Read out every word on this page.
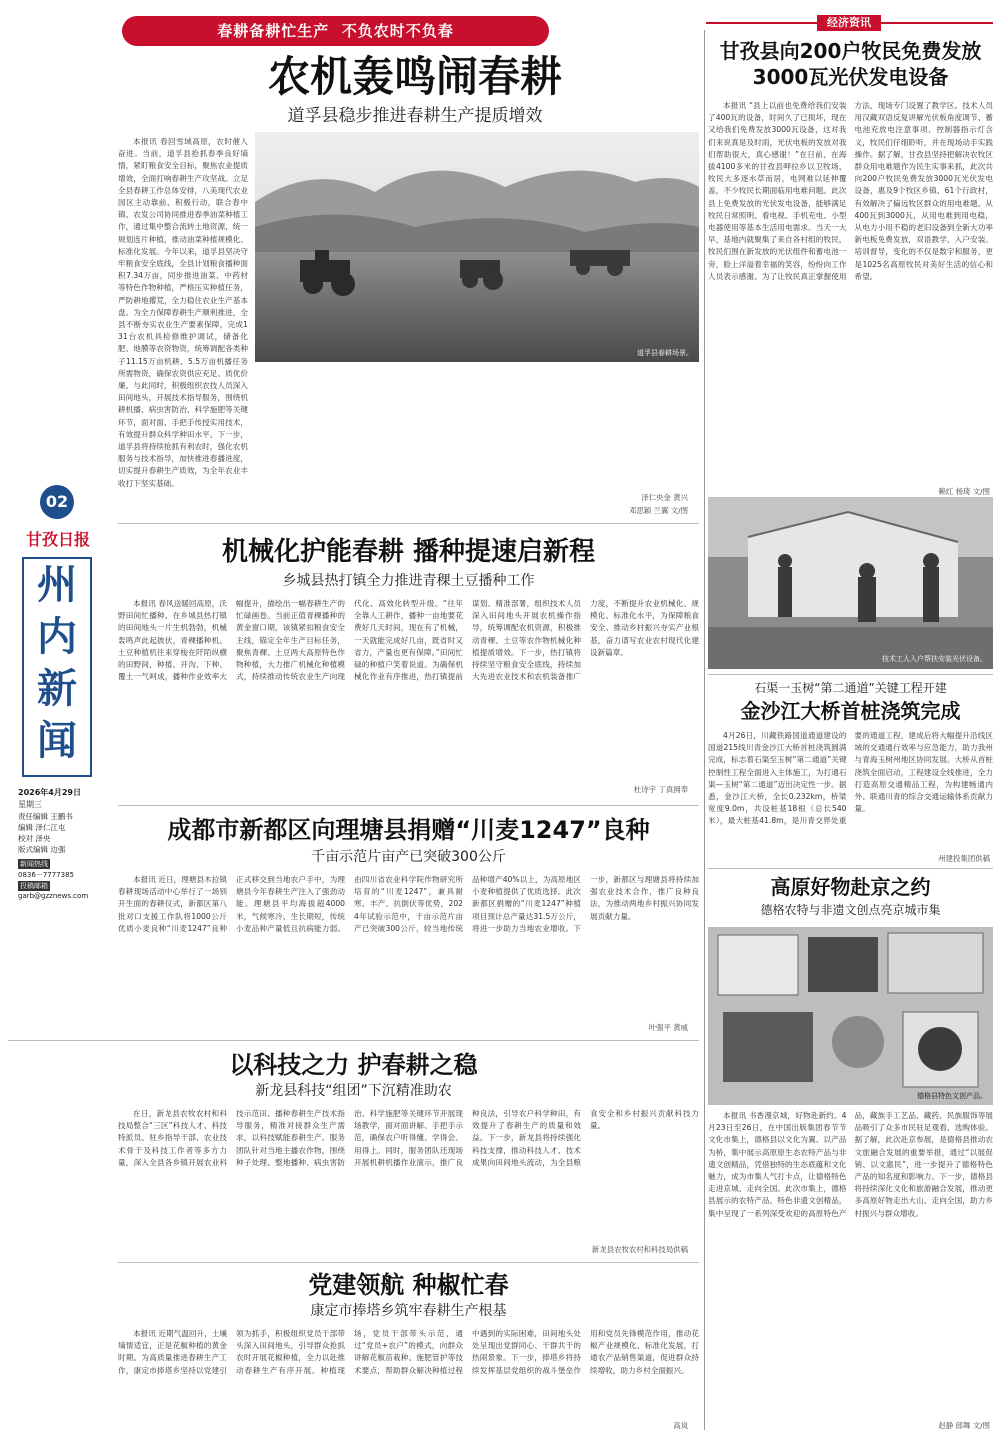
春耕备耕忙生产  不负农时不负春	经济资讯
农机轰鸣闹春耕
道孚县稳步推进春耕生产提质增效
本报讯 春回雪域高原，农时催人奋进。当前，道孚县抢抓春季良好墒情，紧盯粮食安全目标，聚焦农业提质增效，全面打响春耕生产攻坚战。立足全县春耕工作总体安排，八美现代农业园区主动靠前、积极行动，联合春中镇、农发公司协同推进春季油菜种植工作，通过集中整合流转土地资源，统一规划连片种植，推动油菜种植规模化、标准化发展。今年以来，道孚县坚决守牢粮食安全底线，全县计划粮食播种面积7.34万亩，同步推进油菜、中药材等特色作物种植，严格压实种植任务，严防耕地撂荒，全力稳住农业生产基本盘。为全力保障春耕生产顺利推进，全县不断夯实农业生产要素保障，完成131台农机具检修维护调试，储备化肥、地膜等农资物资，统筹调配各类种子11.15万亩机耕、5.5万亩机播任务所需物资，确保农资供应充足、质优价廉。与此同时，积极组织农技人员深入田间地头，开展技术指导服务，围绕机耕机播、病虫害防治、科学施肥等关键环节，面对面、手把手传授实用技术，有效提升群众科学种田水平。下一步，道孚县将持续抢抓有利农时，强化农机服务与技术指导，加快推进春播进度，切实提升春耕生产质效，为全年农业丰收打下坚实基础。
道孚县春耕场景。
泽仁央金 黄兴
邓思颖 兰翼 文/图
02
甘孜日报
州
内
新
闻
2026年4月29日
星期三
责任编辑 王鹏书
编辑 泽仁江屯
校对 泽央
版式编辑 边强
新闻热线
0836－7777385
投稿邮箱
garb@gzznews.com
机械化护能春耕 播种提速启新程
乡城县热打镇全力推进青稞土豆播种工作
本报讯 春风送暖回高原，沃野田间忙播种。在乡城县热打镇的田间地头一片生机勃勃，机械轰鸣声此起彼伏，青稞播种机、土豆种植机往来穿梭在阡陌纵横的田野间，种植、开沟、下种、覆土一气呵成，播种作业效率大幅提升，描绘出一幅春耕生产的忙碌画卷。当前正值青稞播种的黄金窗口期，该镇紧扣粮食安全主线，锚定全年生产目标任务，聚焦青稞、土豆两大高原特色作物种植，大力推广机械化种植模式，持续推动传统农业生产向现代化、高效化转型升级。“往年全靠人工耕作，播种一亩地要花费好几天时间，现在有了机械，一天就能完成好几亩，既省时又省力，产量也更有保障。”田间忙碌的种植户笑着说道。为确保机械化作业有序推进，热打镇提前谋划、精准部署，组织技术人员深入田间地头开展农机操作指导，统筹调配农机资源，积极推动青稞、土豆等农作物机械化种植提质增效。下一步，热打镇将持续坚守粮食安全底线，持续加大先进农业技术和农机装备推广力度，不断提升农业机械化、规模化、标准化水平，为保障粮食安全、推动乡村振兴夯实产业根基，奋力谱写农业农村现代化建设新篇章。
杜诗宇 丁真拥奉
成都市新都区向理塘县捐赠“川麦1247”良种
千亩示范片亩产已突破300公斤
本报讯 近日，理塘县木拉镇春耕现场活动中心举行了一场别开生面的春耕仪式，新都区第八批对口支援工作队将1000公斤优质小麦良种“川麦1247”良种正式移交到当地农户手中，为理塘县今年春耕生产注入了强劲动能。理塘县平均海拔超4000米，气候寒冷、生长期短，传统小麦品种产量低且抗病能力弱。由四川省农业科学院作物研究所培育的“川麦1247”，兼具耐寒、丰产、抗倒伏等优势，2024年试验示范中，千亩示范片亩产已突破300公斤，较当地传统品种增产40%以上，为高原地区小麦种植提供了优质选择。此次新都区捐赠的“川麦1247”种植项目预计总产量达31.5万公斤，将进一步助力当地农业增收。下一步，新都区与理塘县将持续加强农业技术合作，推广良种良法，为推动两地乡村振兴协同发展贡献力量。
叶强平 黄威
以科技之力 护春耕之稳
新龙县科技“组团”下沉精准助农
在日，新龙县农牧农村和科技局整合“三区”科技人才、科技特派员、驻乡指导干部、农业技术骨干及科技工作者等多方力量，深入全县各乡镇开展农业科技示范田、播种春耕生产技术指导服务，精准对接群众生产需求，以科技赋能春耕生产。服务团队针对当地主播农作物，围绕种子处理、整地播种、病虫害防治、科学施肥等关键环节开展现场教学，面对面讲解、手把手示范，确保农户听得懂、学得会、用得上。同时，服务团队还现场开展机耕机播作业演示，推广良种良法，引导农户科学种田，有效提升了春耕生产的质量和效益。下一步，新龙县将持续强化科技支撑，推动科技人才、技术成果向田间地头流动，为全县粮食安全和乡村振兴贡献科技力量。
新龙县农牧农村和科技局供稿
党建领航 种椒忙春
康定市捧塔乡筑牢春耕生产根基
本报讯 近期气温回升，土壤墒情适宜，正是花椒种植的黄金时期。为高质量推进春耕生产工作，康定市捧塔乡坚持以党建引领为抓手，积极组织党员干部带头深入田间地头，引导群众抢抓农时开展花椒种植，全力以赴推动春耕生产有序开展。种植现场，党员干部带头示范，通过“党员+农户”的模式，向群众讲解花椒苗栽种、施肥管护等技术要点，帮助群众解决种植过程中遇到的实际困难，田间地头处处呈现出党群同心、干群共干的热闹景象。下一步，捧塔乡将持续发挥基层党组织的战斗堡垒作用和党员先锋模范作用，推动花椒产业规模化、标准化发展，打通农产品销售渠道，促进群众持续增收，助力乡村全面振兴。
高岚
甘孜县向200户牧民免费发放3000瓦光伏发电设备
本报讯 “县上以前也免费给我们安装了400瓦的设备，时间久了已损坏，现在又给我们免费发放3000瓦设备，这对我们来说真是及时雨，光伏电板的发放对我们帮助很大，真心感谢！”在日前，在海拔4100多米的甘孜县呷拉乡以卫牧场，牧民大多逐水草而居，电网难以延伸覆盖，不少牧民长期面临用电难问题。此次县上免费发放的光伏发电设备，能够满足牧民日常照明、看电视、手机充电、小型电器使用等基本生活用电需求。当天一大早，基地内就聚集了来自各村组的牧民，牧民们围在新发放的光伏组件和蓄电池一旁，脸上洋溢着幸福的笑容，纷纷向工作人员表示感谢。为了让牧民真正掌握使用方法，现场专门设置了教学区。技术人员用汉藏双语反复讲解光伏板角度调节、蓄电池充放电注意事项、控制器指示灯含义，牧民们仔细聆听，并在现场动手实践操作。据了解，甘孜县坚持把解决农牧区群众用电难题作为民生实事来抓，此次共向200户牧民免费发放3000瓦光伏发电设备，惠及9个牧区乡镇、61个行政村，有效解决了偏远牧区群众的用电难题。从400瓦到3000瓦，从用电难到用电稳，从电力小用不稳的老旧设备到全新大功率新电板免费发放，双语教学、入户安装、培训督导，变化的不仅是数字和服务，更是1025名高原牧民对美好生活的信心和希望。
赖红 杨琦 文/图
技术工人入户帮扶安装光伏设备。
石渠一玉树“第二通道”关键工程开建
金沙江大桥首桩浇筑完成
4月26日，川藏铁路国道通道建设的国道215线川青金沙江大桥首桩浇筑圆满完成，标志着石渠至玉树“第二通道”关键控制性工程全面进入主体施工，为打通石渠—玉树“第二通道”迈出决定性一步。据悉，金沙江大桥，全长0.232km，桥梁宽度9.0m，共设桩基18根（总长540米），最大桩基41.8m，是川青交界处重要的通道工程，建成后将大幅提升沿线区域的交通通行效率与应急能力，助力我州与青海玉树州地区协同发展。大桥从首桩浇筑全面启动，工程建设全线推进，全力打造高原交通精品工程，为构建畅通内外、联通川青的综合交通运输体系贡献力量。
州建投集团供稿
高原好物赴京之约
德格农特与非遗文创点亮京城市集
德格县特色文创产品。
本报讯 书香漫京城，好物赴新约。4月23日至26日，在中国出版集团春节节文化市集上，德格县以文化为翼、以产品为桥，集中展示高原原生态农特产品与非遗文创精品，凭借独特的生态底蕴和文化魅力，成为市集人气打卡点，让德格特色走进京城、走向全国。此次市集上，德格县展示的农特产品、特色非遗文创精品，集中呈现了一系列深受欢迎的高原特色产品，藏族手工艺品、藏药、民族服饰等展品吸引了众多市民驻足观看、选购体验。据了解，此次赴京参展，是德格县推动农文旅融合发展的重要举措，通过“以展促销、以文惠民”，进一步提升了德格特色产品的知名度和影响力。下一步，德格县将持续深化文化和旅游融合发展，推动更多高原好物走出大山、走向全国，助力乡村振兴与群众增收。
赵静 郎舞 文/图
